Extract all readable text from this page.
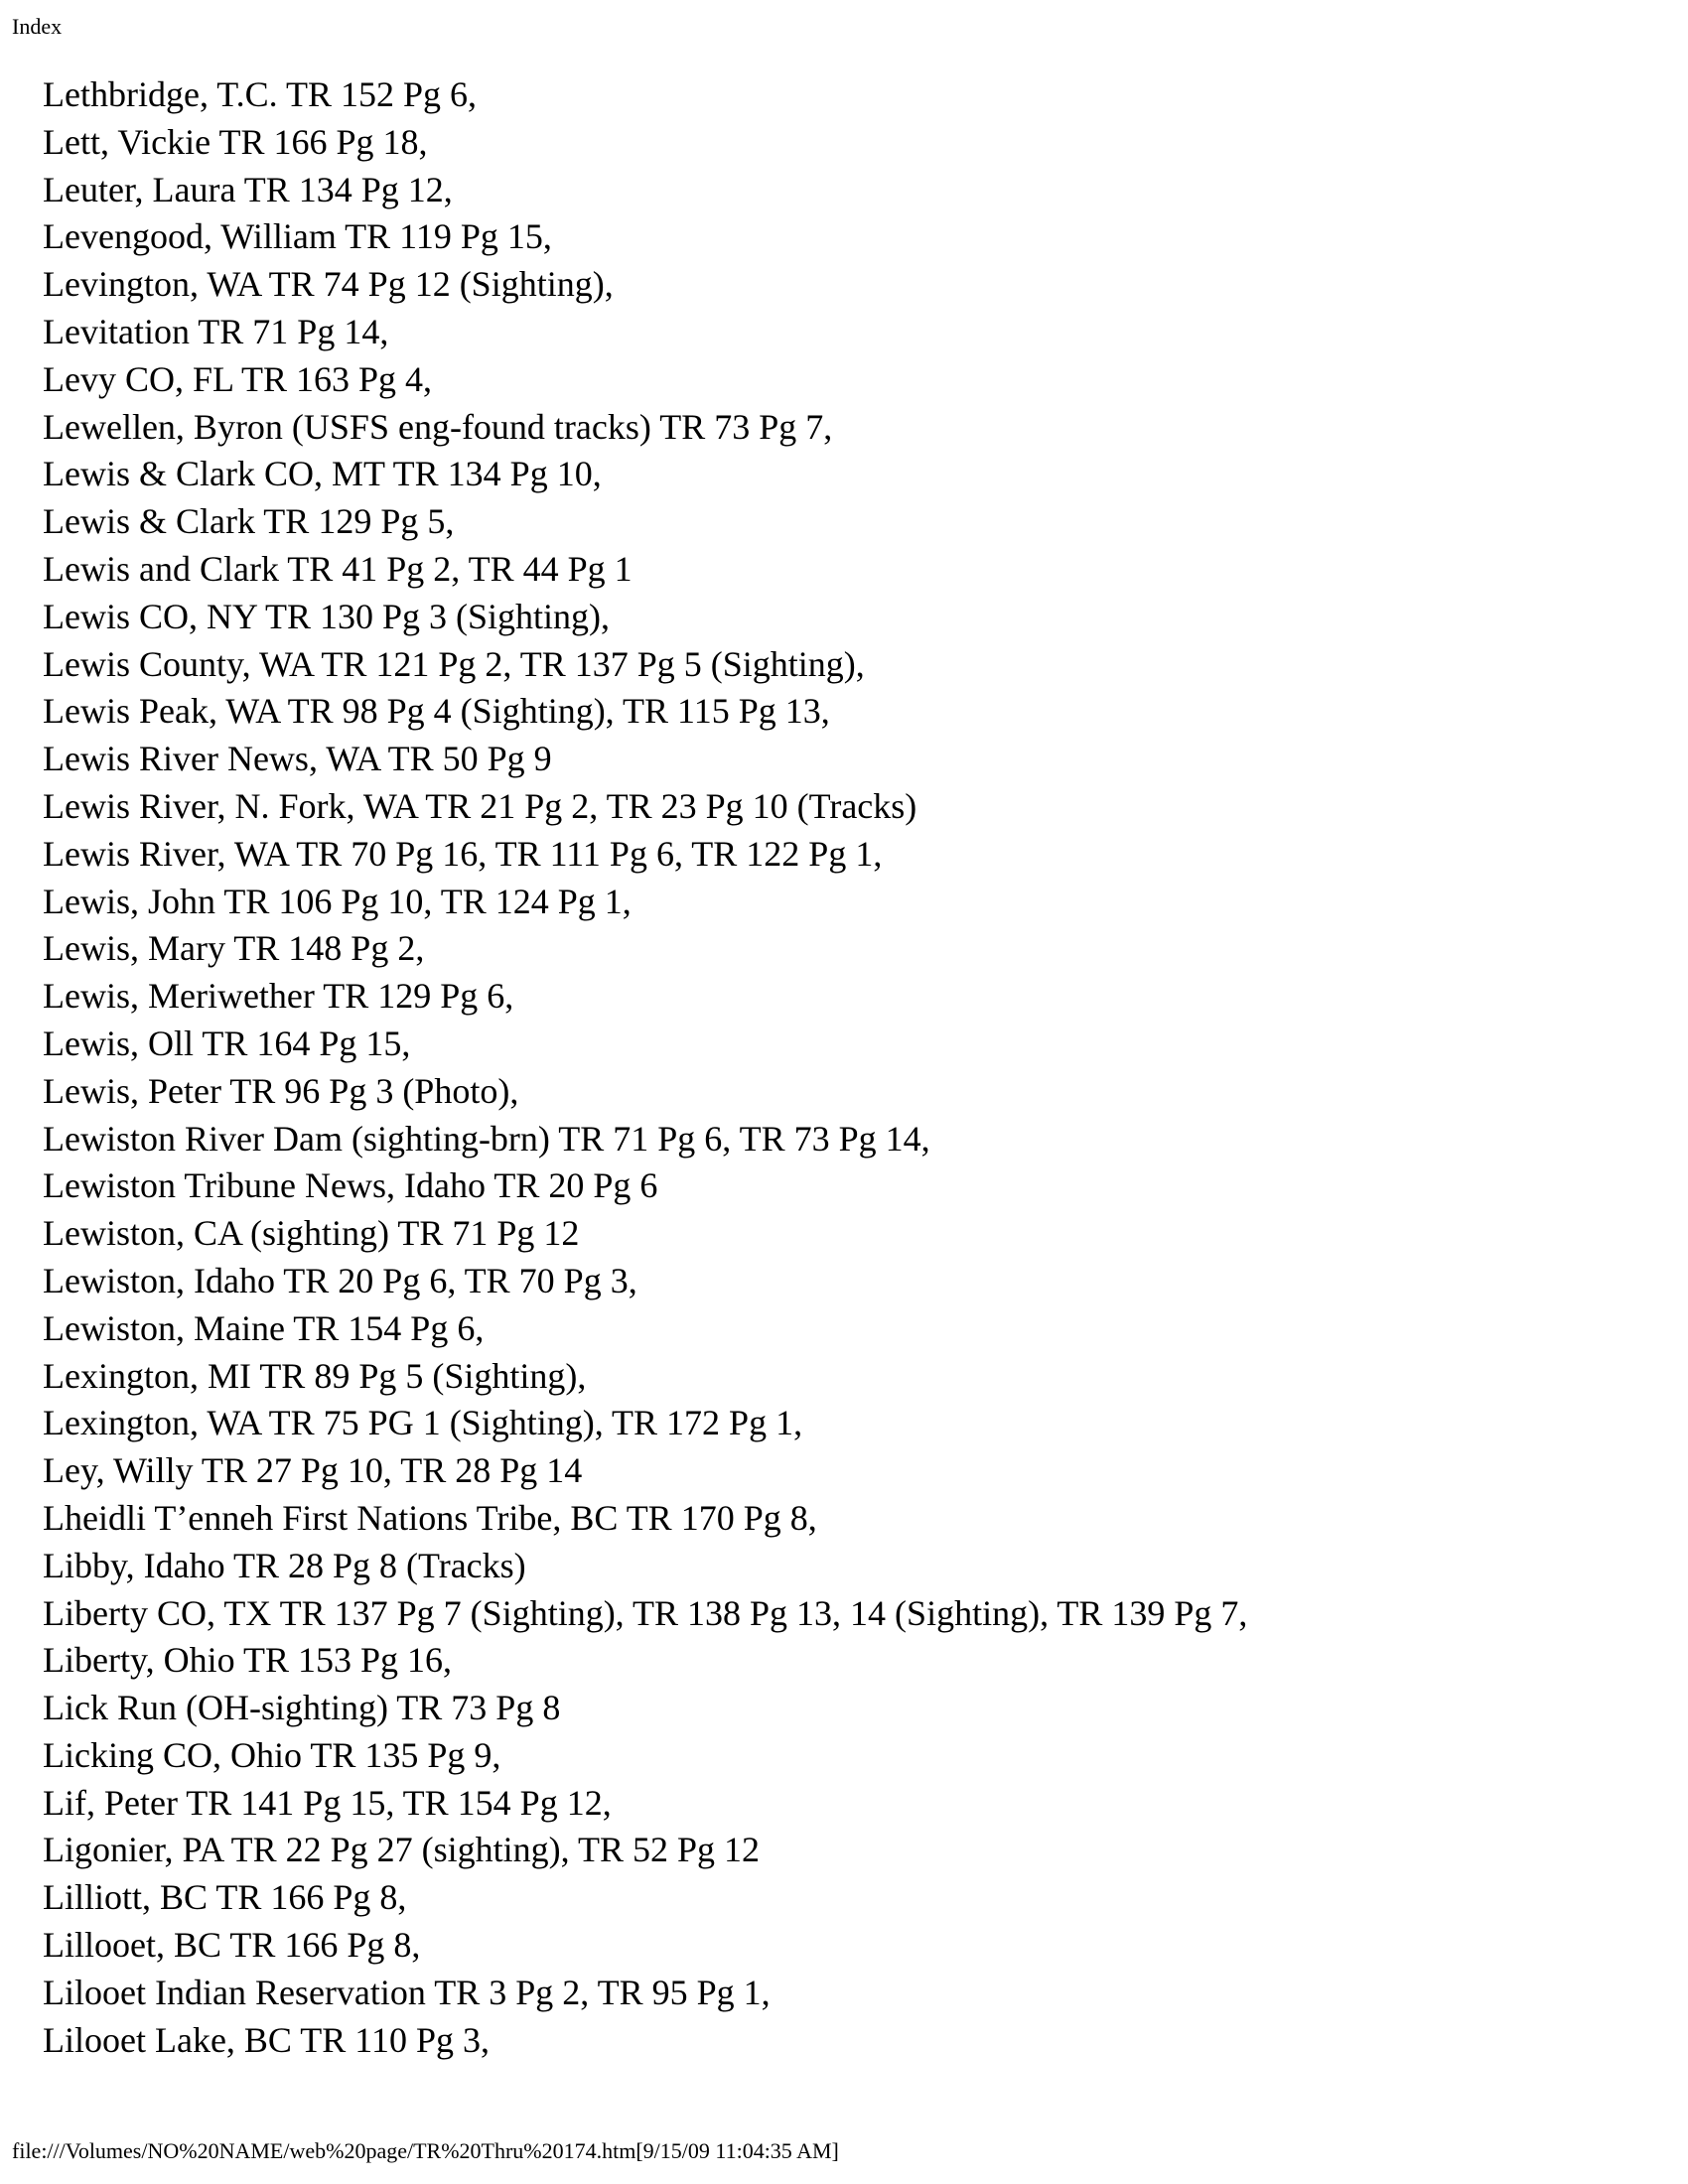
Index
Lethbridge, T.C. TR 152 Pg 6,
Lett, Vickie TR 166 Pg 18,
Leuter, Laura TR 134 Pg 12,
Levengood, William TR 119 Pg 15,
Levington, WA TR 74 Pg 12 (Sighting),
Levitation TR 71 Pg 14,
Levy CO, FL TR 163 Pg 4,
Lewellen, Byron (USFS eng-found tracks) TR 73 Pg 7,
Lewis & Clark CO, MT TR 134 Pg 10,
Lewis & Clark TR 129 Pg 5,
Lewis and Clark TR 41 Pg 2, TR 44 Pg 1
Lewis CO, NY TR 130 Pg 3 (Sighting),
Lewis County, WA TR 121 Pg 2, TR 137 Pg 5 (Sighting),
Lewis Peak, WA TR 98 Pg 4 (Sighting), TR 115 Pg 13,
Lewis River News, WA TR 50 Pg 9
Lewis River, N. Fork, WA TR 21 Pg 2, TR 23 Pg 10 (Tracks)
Lewis River, WA TR 70 Pg 16, TR 111 Pg 6, TR 122 Pg 1,
Lewis, John TR 106 Pg 10, TR 124 Pg 1,
Lewis, Mary TR 148 Pg 2,
Lewis, Meriwether TR 129 Pg 6,
Lewis, Oll TR 164 Pg 15,
Lewis, Peter TR 96 Pg 3 (Photo),
Lewiston River Dam (sighting-brn) TR 71 Pg 6, TR 73 Pg 14,
Lewiston Tribune News, Idaho TR 20 Pg 6
Lewiston, CA (sighting) TR 71 Pg 12
Lewiston, Idaho TR 20 Pg 6, TR 70 Pg 3,
Lewiston, Maine TR 154 Pg 6,
Lexington, MI TR 89 Pg 5 (Sighting),
Lexington, WA TR 75 PG 1 (Sighting), TR 172 Pg 1,
Ley, Willy TR 27 Pg 10, TR 28 Pg 14
Lheidli T’enneh First Nations Tribe, BC TR 170 Pg 8,
Libby, Idaho TR 28 Pg 8 (Tracks)
Liberty CO, TX TR 137 Pg 7 (Sighting), TR 138 Pg 13, 14 (Sighting), TR 139 Pg 7,
Liberty, Ohio TR 153 Pg 16,
Lick Run (OH-sighting) TR 73 Pg 8
Licking CO, Ohio TR 135 Pg 9,
Lif, Peter TR 141 Pg 15, TR 154 Pg 12,
Ligonier, PA TR 22 Pg 27 (sighting), TR 52 Pg 12
Lilliott, BC TR 166 Pg 8,
Lillooet, BC TR 166 Pg 8,
Lilooet Indian Reservation TR 3 Pg 2, TR 95 Pg 1,
Lilooet Lake, BC TR 110 Pg 3,
file:///Volumes/NO%20NAME/web%20page/TR%20Thru%20174.htm[9/15/09 11:04:35 AM]
